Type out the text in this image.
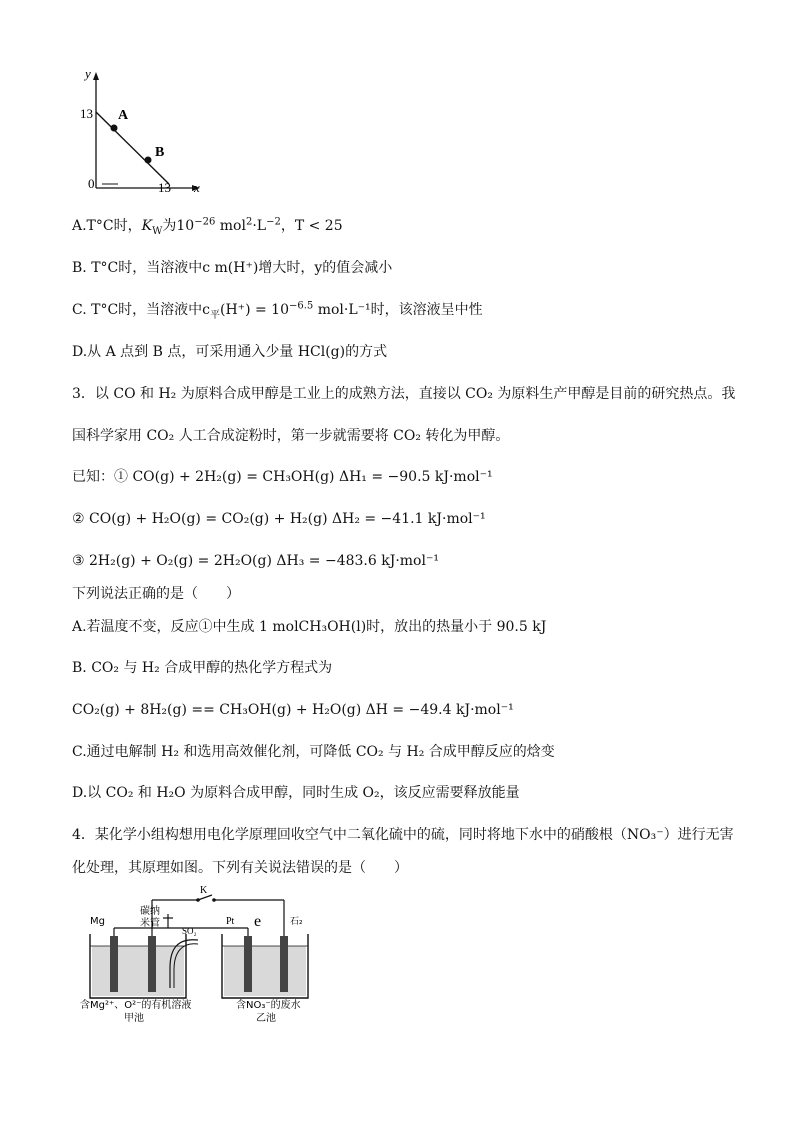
y
x
0
13
13
A
B
A.T°C时，$K_W$为$10^{-26}$ $mol^2\cdot L^{-2}$，T < 25
B. T°C时，当溶液中c m(H⁺)增大时，y的值会减小
C. T°C时，当溶液中$c_平(H^+) = 10^{-6.5}$ mol·L⁻¹时，该溶液呈中性
D.从 A 点到 B 点，可采用通入少量 HCl(g)的方式
3．以 CO 和 H₂ 为原料合成甲醇是工业上的成熟方法，直接以 CO₂ 为原料生产甲醇是目前的研究热点。我
国科学家用 CO₂ 人工合成淀粉时，第一步就需要将 CO₂ 转化为甲醇。
已知：① CO(g) + 2H₂(g) = CH₃OH(g) ΔH₁ = −90.5 kJ·mol⁻¹
② CO(g) + H₂O(g) = CO₂(g) + H₂(g) ΔH₂ = −41.1 kJ·mol⁻¹
③ 2H₂(g) + O₂(g) = 2H₂O(g) ΔH₃ = −483.6 kJ·mol⁻¹
下列说法正确的是（　　）
A.若温度不变，反应①中生成 1 molCH₃OH(l)时，放出的热量小于 90.5 kJ
B. CO₂ 与 H₂ 合成甲醇的热化学方程式为
CO₂(g) + 8H₂(g) == CH₃OH(g) + H₂O(g) ΔH = −49.4 kJ·mol⁻¹
C.通过电解制 H₂ 和选用高效催化剂，可降低 CO₂ 与 H₂ 合成甲醇反应的焓变
D.以 CO₂ 和 H₂O 为原料合成甲醇，同时生成 O₂，该反应需要释放能量
4．某化学小组构想用电化学原理回收空气中二氧化硫中的硫，同时将地下水中的硝酸根（NO₃⁻）进行无害
化处理，其原理如图。下列有关说法错误的是（　　）
K
Mg
碳纳
米管
SO₂
Pt e	石₂
含Mg²⁺、O²⁻的有机溶液
甲池
含NO₃⁻的废水
乙池
